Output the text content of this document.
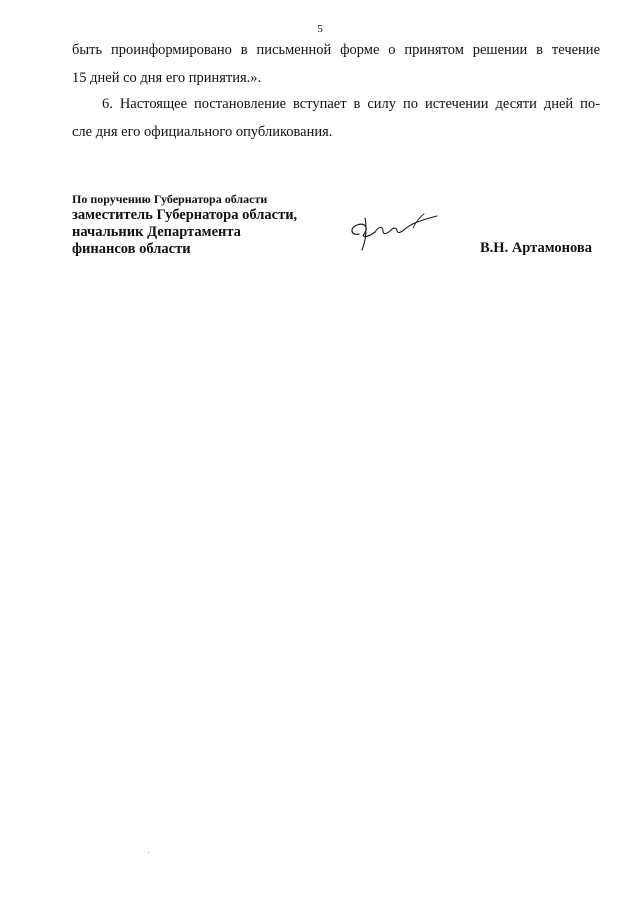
5
быть проинформировано в письменной форме о принятом решении в течение
15 дней со дня его принятия.».
6. Настоящее постановление вступает в силу по истечении десяти дней по-
сле дня его официального опубликования.
По поручению Губернатора области
заместитель Губернатора области,
начальник Департамента
финансов области	В.Н. Артамонова
